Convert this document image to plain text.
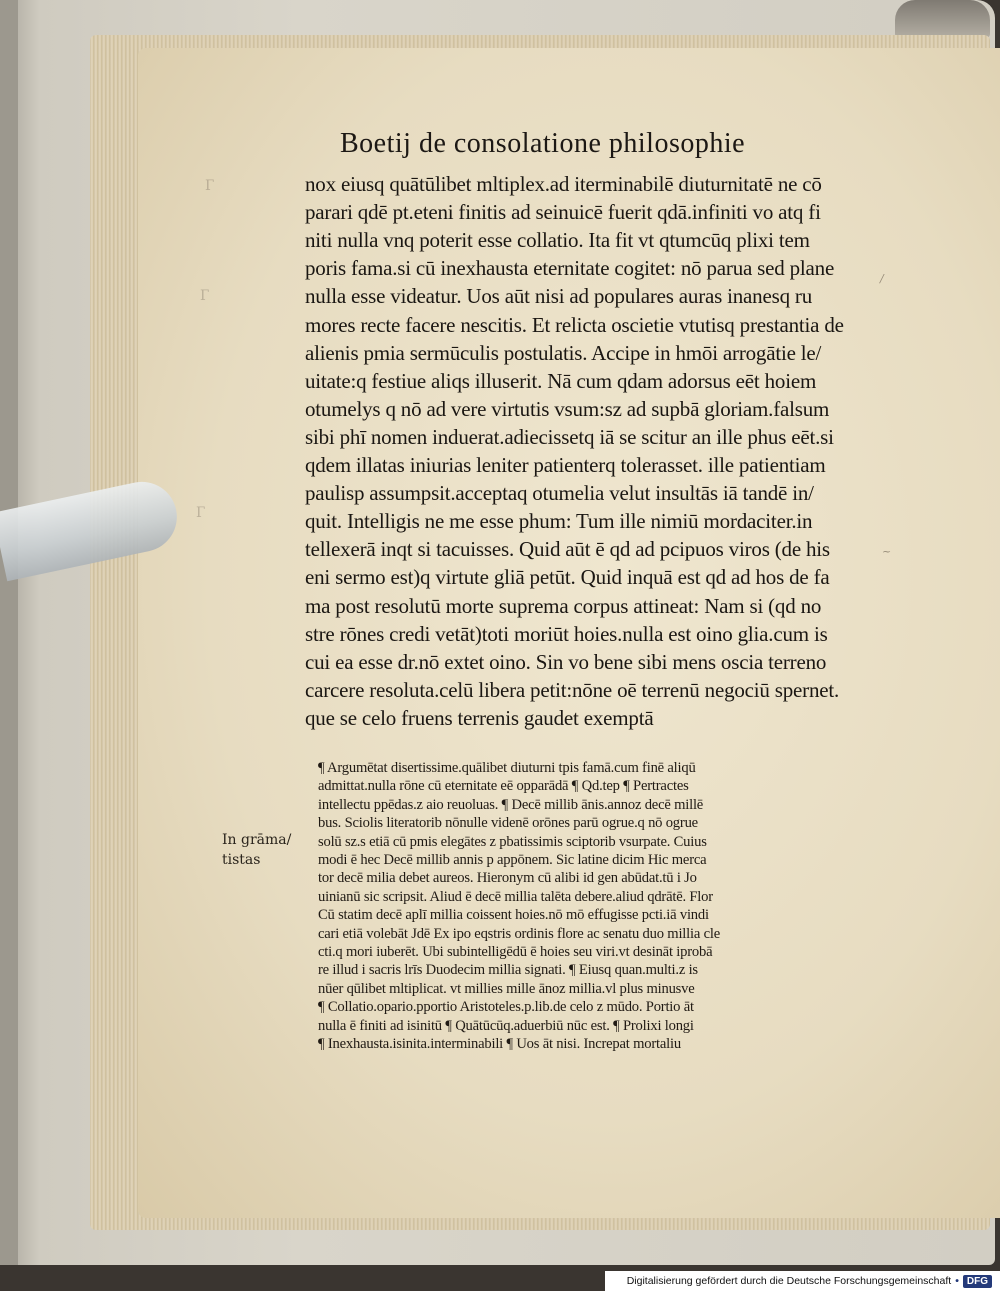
Г
Г
Г
Boetij de consolatione philosophie
nox eiusq quātūlibet mltiplex.ad iterminabilē diuturnitatē ne cō
parari qdē pt.eteni finitis ad seinuicē fuerit qdā.infiniti vo atq fi
niti nulla vnq poterit esse collatio. Ita fit vt qtumcūq plixi tem
poris fama.si cū inexhausta eternitate cogitet: nō parua sed plane
nulla esse videatur. Uos aūt nisi ad populares auras inanesq ru
mores recte facere nescitis. Et relicta oscietie vtutisq prestantia de
alienis pmia sermūculis postulatis. Accipe in hmōi arrogātie le/
uitate:q festiue aliqs illuserit. Nā cum qdam adorsus eēt hoiem
otumelys q nō ad vere virtutis vsum:sz ad supbā gloriam.falsum
sibi phī nomen induerat.adiecissetq iā se scitur an ille phus eēt.si
qdem illatas iniurias leniter patienterq tolerasset. ille patientiam
paulisp assumpsit.acceptaq otumelia velut insultās iā tandē in/
quit. Intelligis ne me esse phum: Tum ille nimiū mordaciter.in
tellexerā inqt si tacuisses. Quid aūt ē qd ad pcipuos viros (de his
eni sermo est)q virtute gliā petūt. Quid inquā est qd ad hos de fa
ma post resolutū morte suprema corpus attineat: Nam si (qd no
stre rōnes credi vetāt)toti moriūt hoies.nulla est oino glia.cum is
cui ea esse dr.nō extet oino. Sin vo bene sibi mens oscia terreno
carcere resoluta.celū libera petit:nōne oē terrenū negociū spernet.
que se celo fruens terrenis gaudet exemptā
¶ Argumētat disertissime.quālibet diuturni tpis famā.cum finē aliqū
admittat.nulla rōne cū eternitate eē opparādā ¶ Qd.tep ¶ Pertractes
intellectu ppēdas.z aio reuoluas. ¶ Decē millib ānis.annoz decē millē
bus. Sciolis literatorib nōnulle videnē orōnes parū ogrue.q nō ogrue
solū sz.s etiā cū pmis elegātes z pbatissimis sciptorib vsurpate. Cuius
modi ē hec Decē millib annis p appōnem. Sic latine dicim Hic merca
tor decē milia debet aureos. Hieronym cū alibi id gen abūdat.tū i Jo
uinianū sic scripsit. Aliud ē decē millia talēta debere.aliud qdrātē. Flor
Cū statim decē aplī millia coissent hoies.nō mō effugisse pcti.iā vindi
cari etiā volebāt Jdē Ex ipo eqstris ordinis flore ac senatu duo millia cle
cti.q mori iuberēt. Ubi subintelligēdū ē hoies seu viri.vt desināt iprobā
re illud i sacris lrīs Duodecim millia signati. ¶ Eiusq quan.multi.z is
nūer qūlibet mltiplicat. vt millies mille ānoz millia.vl plus minusve
¶ Collatio.opario.pportio Aristoteles.p.lib.de celo z mūdo. Portio āt
nulla ē finiti ad isinitū ¶ Quātūcūq.aduerbiū nūc est. ¶ Prolixi longi
¶ Inexhausta.isinita.interminabili ¶ Uos āt nisi. Increpat mortaliu
In grāma/
tistas
/
~
Digitalisierung gefördert durch die Deutsche Forschungsgemeinschaft • DFG
